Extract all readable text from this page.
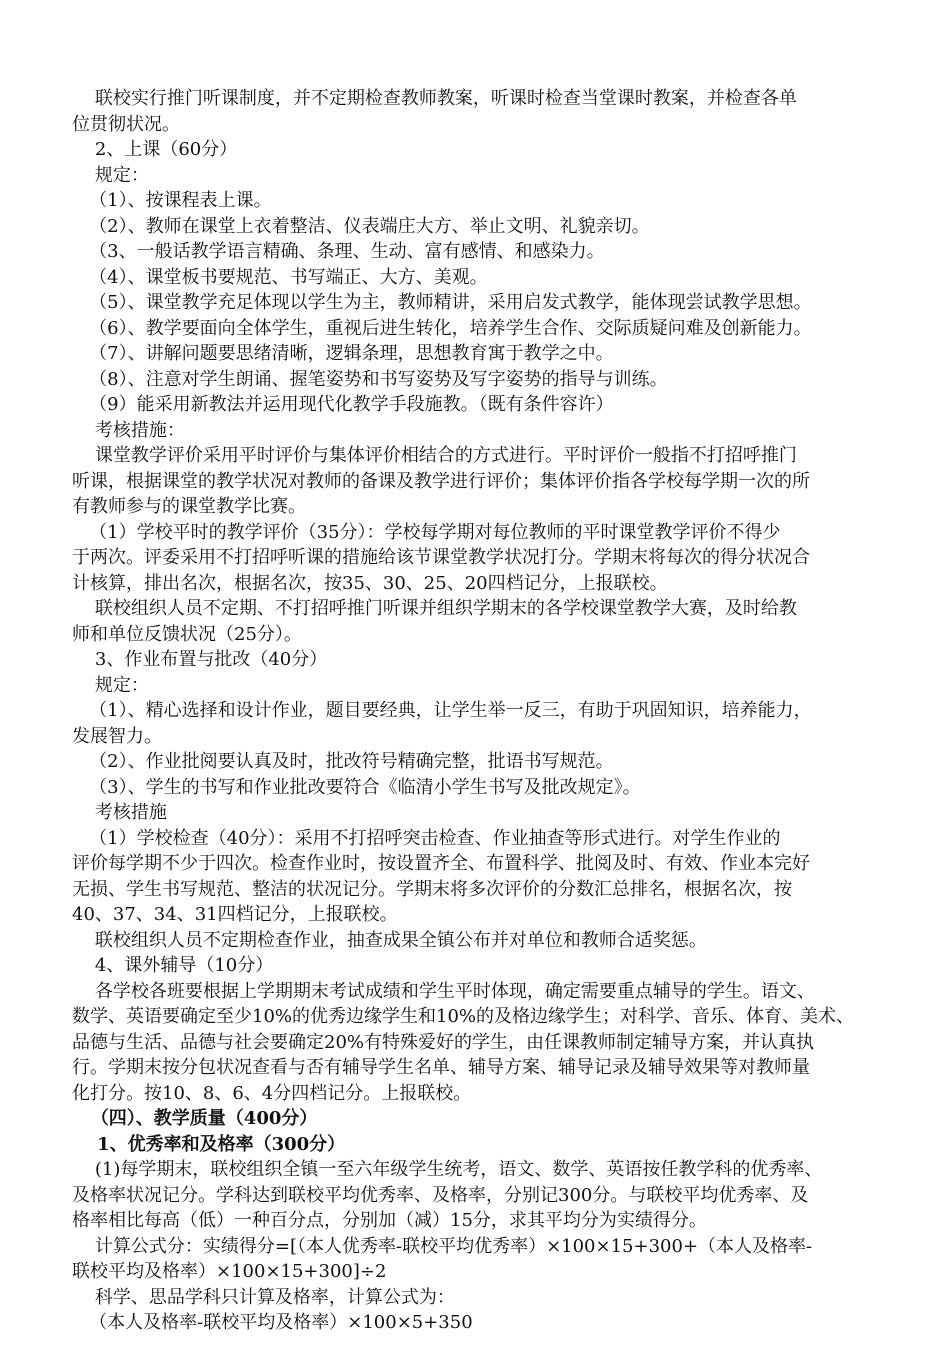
联校实行推门听课制度，并不定期检查教师教案，听课时检查当堂课时教案，并检查各单

位贯彻状况。

2、上课（60分）

规定：

（1）、按课程表上课。

（2）、教师在课堂上衣着整洁、仪表端庄大方、举止文明、礼貌亲切。

（3、一般话教学语言精确、条理、生动、富有感情、和感染力。

（4）、课堂板书要规范、书写端正、大方、美观。

（5）、课堂教学充足体现以学生为主，教师精讲，采用启发式教学，能体现尝试教学思想。

（6）、教学要面向全体学生，重视后进生转化，培养学生合作、交际质疑问难及创新能力。

（7）、讲解问题要思绪清晰，逻辑条理，思想教育寓于教学之中。

（8）、注意对学生朗诵、握笔姿势和书写姿势及写字姿势的指导与训练。

（9）能采用新教法并运用现代化教学手段施教。（既有条件容许）

考核措施：

课堂教学评价采用平时评价与集体评价相结合的方式进行。平时评价一般指不打招呼推门

听课，根据课堂的教学状况对教师的备课及教学进行评价；集体评价指各学校每学期一次的所

有教师参与的课堂教学比赛。

（1）学校平时的教学评价（35分）：学校每学期对每位教师的平时课堂教学评价不得少

于两次。评委采用不打招呼听课的措施给该节课堂教学状况打分。学期末将每次的得分状况合

计核算，排出名次，根据名次，按35、30、25、20四档记分，上报联校。

联校组织人员不定期、不打招呼推门听课并组织学期末的各学校课堂教学大赛，及时给教

师和单位反馈状况（25分）。

3、作业布置与批改（40分）

规定：

（1）、精心选择和设计作业，题目要经典，让学生举一反三，有助于巩固知识，培养能力，

发展智力。

（2）、作业批阅要认真及时，批改符号精确完整，批语书写规范。

（3）、学生的书写和作业批改要符合《临清小学生书写及批改规定》。

考核措施

（1）学校检查（40分）：采用不打招呼突击检查、作业抽查等形式进行。对学生作业的

评价每学期不少于四次。检查作业时，按设置齐全、布置科学、批阅及时、有效、作业本完好

无损、学生书写规范、整洁的状况记分。学期末将多次评价的分数汇总排名，根据名次，按

40、37、34、31四档记分，上报联校。

联校组织人员不定期检查作业，抽查成果全镇公布并对单位和教师合适奖惩。

4、课外辅导（10分）

各学校各班要根据上学期期末考试成绩和学生平时体现，确定需要重点辅导的学生。语文、

数学、英语要确定至少10%的优秀边缘学生和10%的及格边缘学生；对科学、音乐、体育、美术、

品德与生活、品德与社会要确定20%有特殊爱好的学生，由任课教师制定辅导方案，并认真执

行。学期末按分包状况查看与否有辅导学生名单、辅导方案、辅导记录及辅导效果等对教师量

化打分。按10、8、6、4分四档记分。上报联校。

（四）、教学质量（400分）

1、优秀率和及格率（300分）

(1)每学期末，联校组织全镇一至六年级学生统考，语文、数学、英语按任教学科的优秀率、

及格率状况记分。学科达到联校平均优秀率、及格率，分别记300分。与联校平均优秀率、及

格率相比每高（低）一种百分点，分别加（减）15分，求其平均分为实绩得分。

计算公式分：实绩得分=[（本人优秀率-联校平均优秀率）×100×15+300+（本人及格率-

联校平均及格率）×100×15+300]÷2

科学、思品学科只计算及格率，计算公式为：

（本人及格率-联校平均及格率）×100×5+350
